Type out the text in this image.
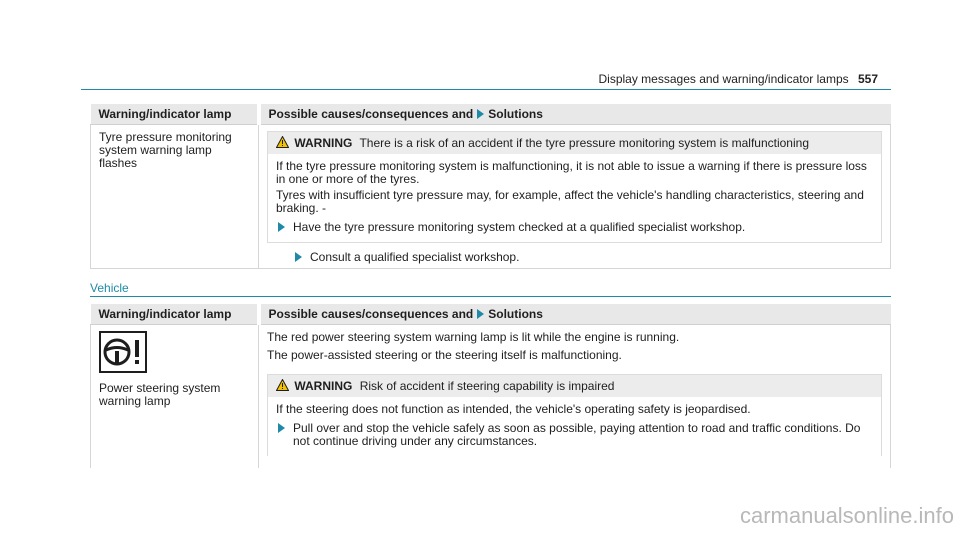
Display messages and warning/indicator lamps 557
Warning/indicator lamp	Possible causes/consequences and Solutions

Tyre pressure monitoring system warning lamp flashes	WARNING There is a risk of an accident if the tyre pressure monitoring system is malfunctioning

If the tyre pressure monitoring system is malfunctioning, it is not able to issue a warning if there is pressure loss in one or more of the tyres.

Tyres with insufficient tyre pressure may, for example, affect the vehicle's handling characteristics, steering and braking. -

Have the tyre pressure monitoring system checked at a qualified specialist workshop.
Consult a qualified specialist workshop.
Vehicle
Warning/indicator lamp	Possible causes/consequences and Solutions

Power steering system warning lamp	The red power steering system warning lamp is lit while the engine is running.

The power-assisted steering or the steering itself is malfunctioning.

WARNING Risk of accident if steering capability is impaired

If the steering does not function as intended, the vehicle's operating safety is jeopardised.

Pull over and stop the vehicle safely as soon as possible, paying attention to road and traffic conditions. Do not continue driving under any circumstances.
carmanualsonline.info
